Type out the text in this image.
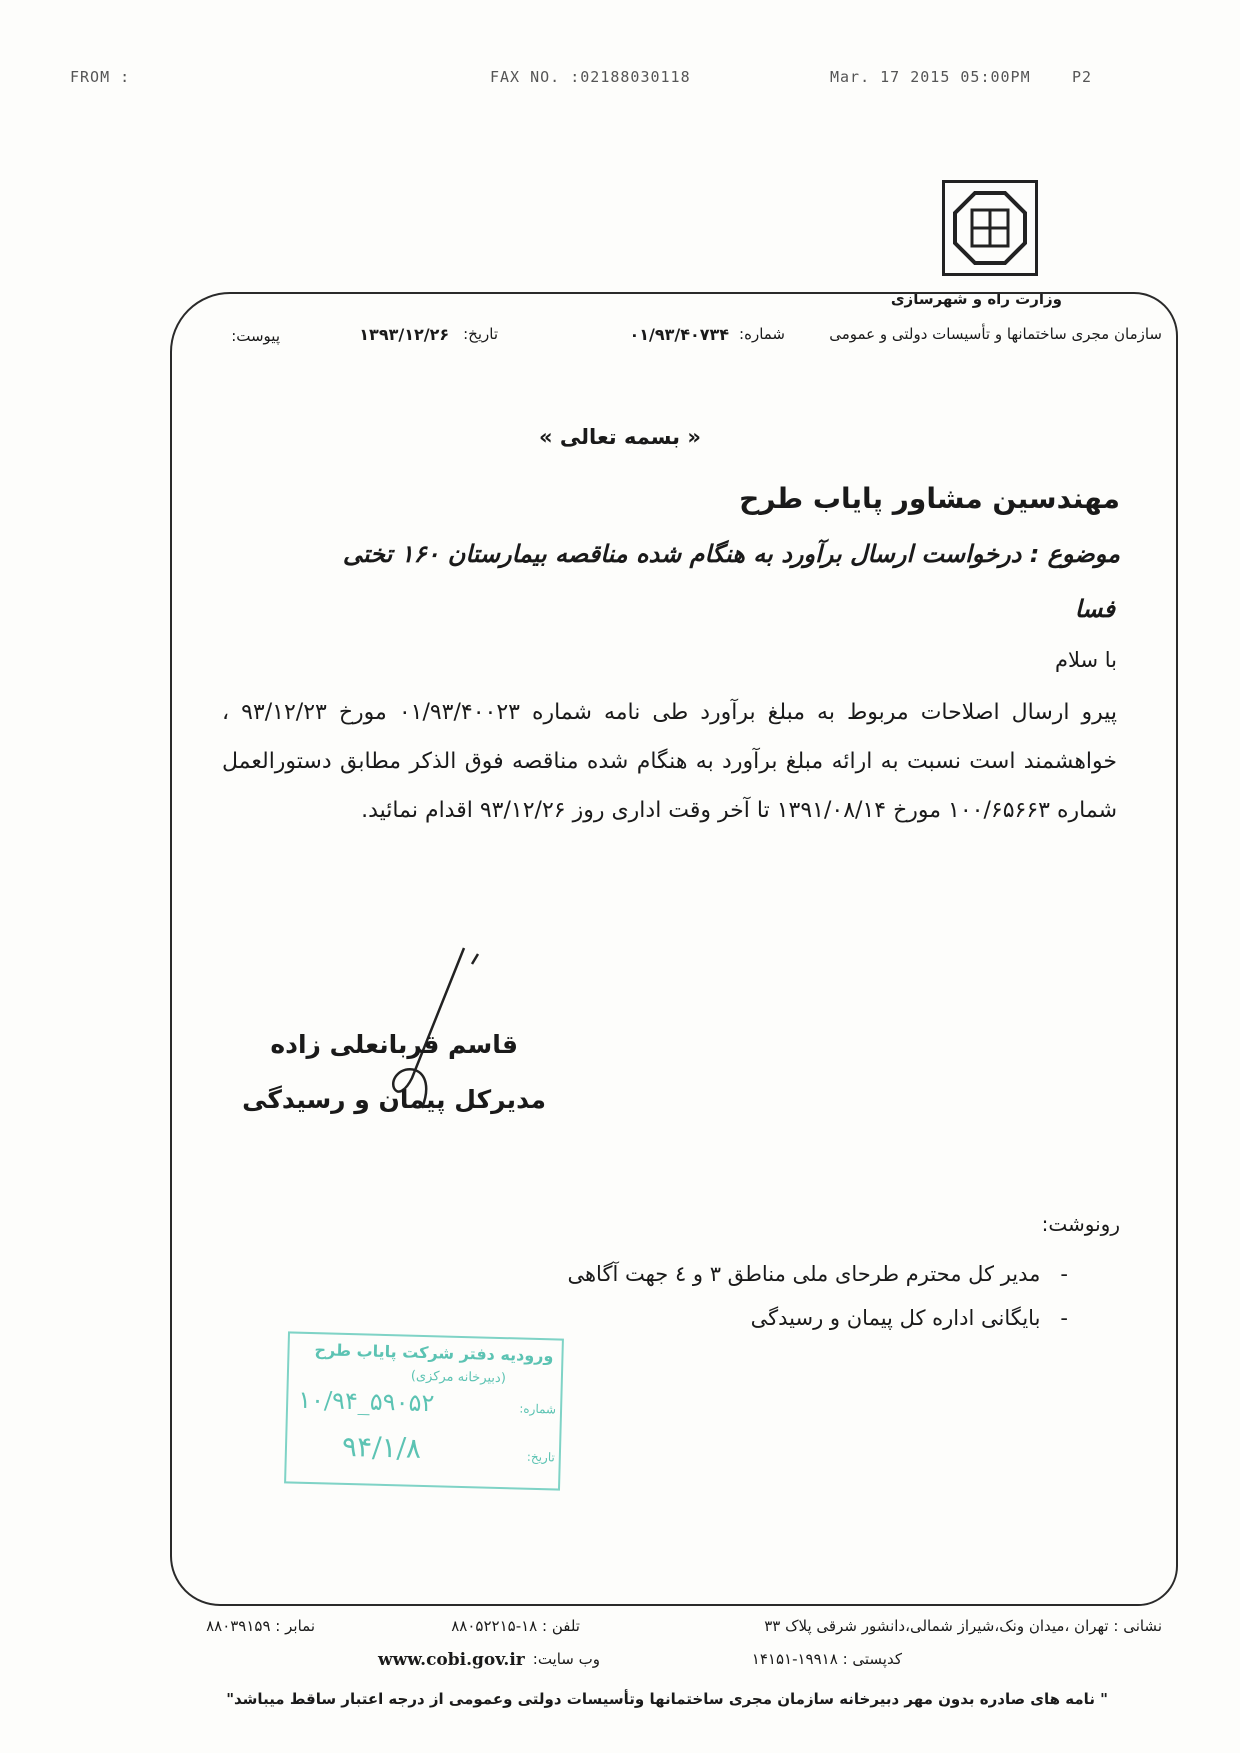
FROM :	FAX NO. :02188030118	Mar. 17 2015 05:00PM	P2
وزارت راه و شهرسازی
سازمان مجری ساختمانها و تأسیسات دولتی و عمومی
شماره:
۰۱/۹۳/۴۰۷۳۴
تاریخ:
۱۳۹۳/۱۲/۲۶
پیوست:
« بسمه تعالی »
مهندسین مشاور پایاب طرح
موضوع : درخواست ارسال برآورد به هنگام شده مناقصه بیمارستان ۱۶۰ تختی
فسا
با سلام
پیرو ارسال اصلاحات مربوط به مبلغ برآورد طی نامه شماره ۰۱/۹۳/۴۰۰۲۳ مورخ ۹۳/۱۲/۲۳ ، خواهشمند است نسبت به ارائه مبلغ برآورد به هنگام شده مناقصه فوق الذکر مطابق دستورالعمل شماره ۱۰۰/۶۵۶۶۳ مورخ ۱۳۹۱/۰۸/۱۴ تا آخر وقت اداری روز ۹۳/۱۲/۲۶ اقدام نمائید.
قاسم قربانعلی زاده
مدیرکل پیمان و رسیدگی
رونوشت:
-
مدیر کل محترم طرحای ملی مناطق ۳ و ٤ جهت آگاهی
-
بایگانی اداره کل پیمان و رسیدگی
ورودیه دفتر شرکت پایاب طرح
(دبیرخانه مرکزی)
شماره:
۱۰/۹۴_۵۹۰۵۲
تاریخ:
۹۴/۱/۸
نشانی : تهران ،میدان ونک،شیراز شمالی،دانشور شرقی پلاک ۳۳
تلفن : ۱۸-۸۸۰۵۲۲۱۵
نمابر : ۸۸۰۳۹۱۵۹
کدپستی : ۱۹۹۱۸-۱۴۱۵۱
وب سایت:
www.cobi.gov.ir
" نامه های صادره بدون مهر دبیرخانه سازمان مجری ساختمانها وتأسیسات دولتی وعمومی از درجه اعتبار ساقط میباشد"
